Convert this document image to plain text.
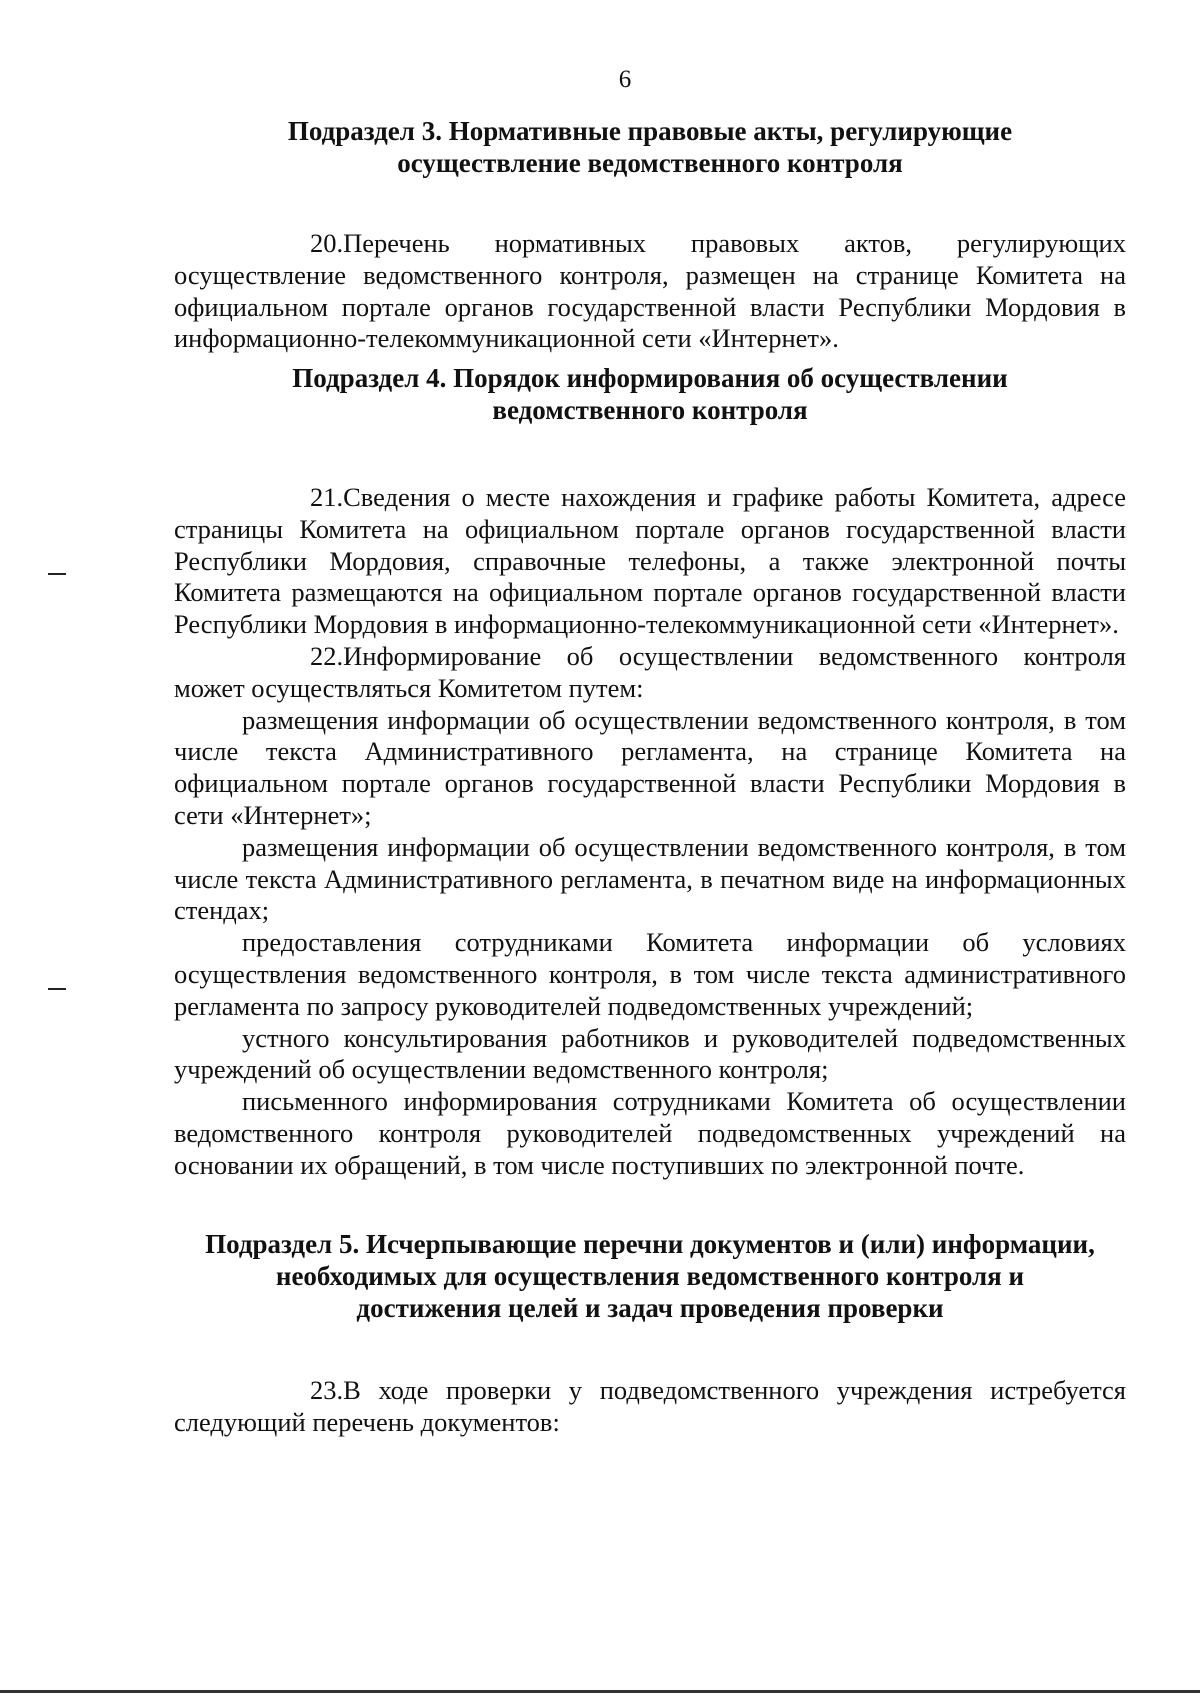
6
Подраздел 3. Нормативные правовые акты, регулирующие
осуществление ведомственного контроля

20.Перечень нормативных правовых актов, регулирующих осуществление ведомственного контроля, размещен на странице Комитета на официальном портале органов государственной власти Республики Мордовия в информационно-телекоммуникационной сети «Интернет».

Подраздел 4. Порядок информирования об осуществлении
ведомственного контроля

21.Сведения о месте нахождения и графике работы Комитета, адресе страницы Комитета на официальном портале органов государственной власти Республики Мордовия, справочные телефоны, а также электронной почты Комитета размещаются на официальном портале органов государственной власти Республики Мордовия в информационно-телекоммуникационной сети «Интернет».

22.Информирование об осуществлении ведомственного контроля может осуществляться Комитетом путем:

размещения информации об осуществлении ведомственного контроля, в том числе текста Административного регламента, на странице Комитета на официальном портале органов государственной власти Республики Мордовия в сети «Интернет»;

размещения информации об осуществлении ведомственного контроля, в том числе текста Административного регламента, в печатном виде на информационных стендах;

предоставления сотрудниками Комитета информации об условиях осуществления ведомственного контроля, в том числе текста административного регламента по запросу руководителей подведомственных учреждений;

устного консультирования работников и руководителей подведомственных учреждений об осуществлении ведомственного контроля;

письменного информирования сотрудниками Комитета об осуществлении ведомственного контроля руководителей подведомственных учреждений на основании их обращений, в том числе поступивших по электронной почте.

Подраздел 5. Исчерпывающие перечни документов и (или) информации,
необходимых для осуществления ведомственного контроля и
достижения целей и задач проведения проверки

23.В ходе проверки у подведомственного учреждения истребуется следующий перечень документов:
